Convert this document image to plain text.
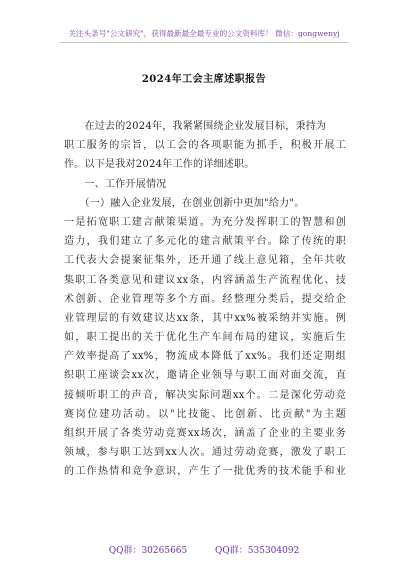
关注头条号"公文研究"，获得最新最全最专业的公文资料库！ 微信：gongwenyj
2024年工会主席述职报告
　　在过去的2024年，我紧紧围绕企业发展目标，秉持为
职工服务的宗旨，以工会的各项职能为抓手，积极开展工
作。以下是我对2024年工作的详细述职。
　　一、工作开展情况
　　（一）融入企业发展，在创业创新中更加"给力"。
一是拓宽职工建言献策渠道。为充分发挥职工的智慧和创
造力，我们建立了多元化的建言献策平台。除了传统的职
工代表大会提案征集外，还开通了线上意见箱，全年共收
集职工各类意见和建议xx条，内容涵盖生产流程优化、技
术创新、企业管理等多个方面。经整理分类后，提交给企
业管理层的有效建议达xx条，其中xx%被采纳并实施。例
如，职工提出的关于优化生产车间布局的建议，实施后生
产效率提高了xx%，物流成本降低了xx%。我们还定期组
织职工座谈会xx次，邀请企业领导与职工面对面交流，直
接倾听职工的声音，解决实际问题xx个。二是深化劳动竞
赛岗位建功活动。以"比技能、比创新、比贡献"为主题
组织开展了各类劳动竞赛xx场次，涵盖了企业的主要业务
领域，参与职工达到xx人次。通过劳动竞赛，激发了职工
的工作热情和竞争意识，产生了一批优秀的技术能手和业
QQ群：30265665	QQ群：535304092
